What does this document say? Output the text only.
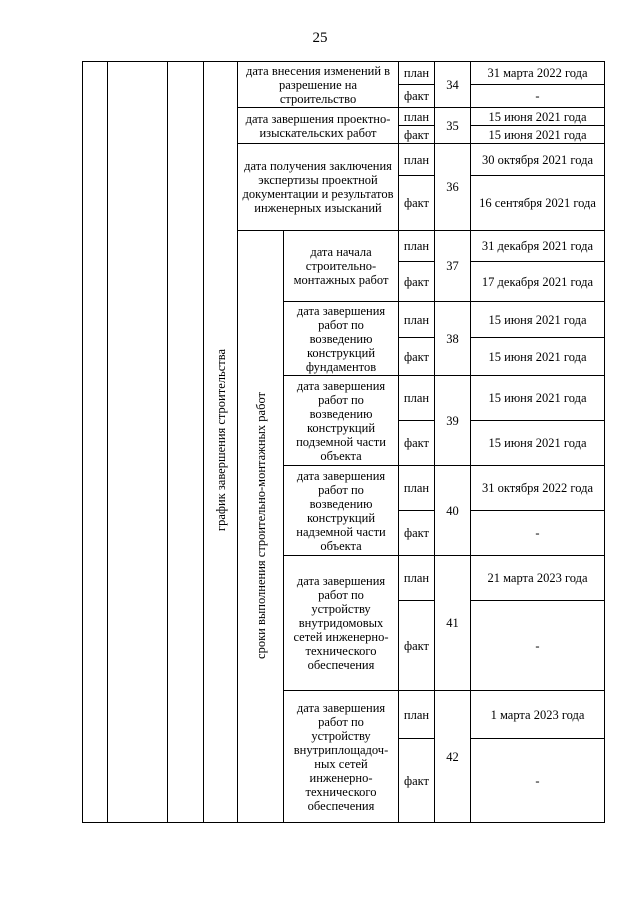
25
			график завершения строительства	дата внесения изменений в разрешение на строительство		план	34	31 марта 2022 года
						факт		-
				дата завершения проектно-изыскательских работ		план	35	15 июня 2021 года
						факт		15 июня 2021 года
				дата получения заключения экспертизы проектной документации и результатов инженерных изысканий		план	36	30 октября 2021 года
						факт		16 сентября 2021 года
				сроки выполнения строительно-монтажных работ	дата начала строительно-монтажных работ	план	37	31 декабря 2021 года
						факт		17 декабря 2021 года
					дата завершения работ по возведению конструкций фундаментов	план	38	15 июня 2021 года
						факт		15 июня 2021 года
					дата завершения работ по возведению конструкций подземной части объекта	план	39	15 июня 2021 года
						факт		15 июня 2021 года
					дата завершения работ по возведению конструкций надземной части объекта	план	40	31 октября 2022 года
						факт		-
					дата завершения работ по устройству внутридомовых сетей инженерно-технического обеспечения	план	41	21 марта 2023 года
						факт		-
					дата завершения работ по устройству внутриплощадоч-ных сетей инженерно-технического обеспечения	план	42	1 марта 2023 года
						факт		-
